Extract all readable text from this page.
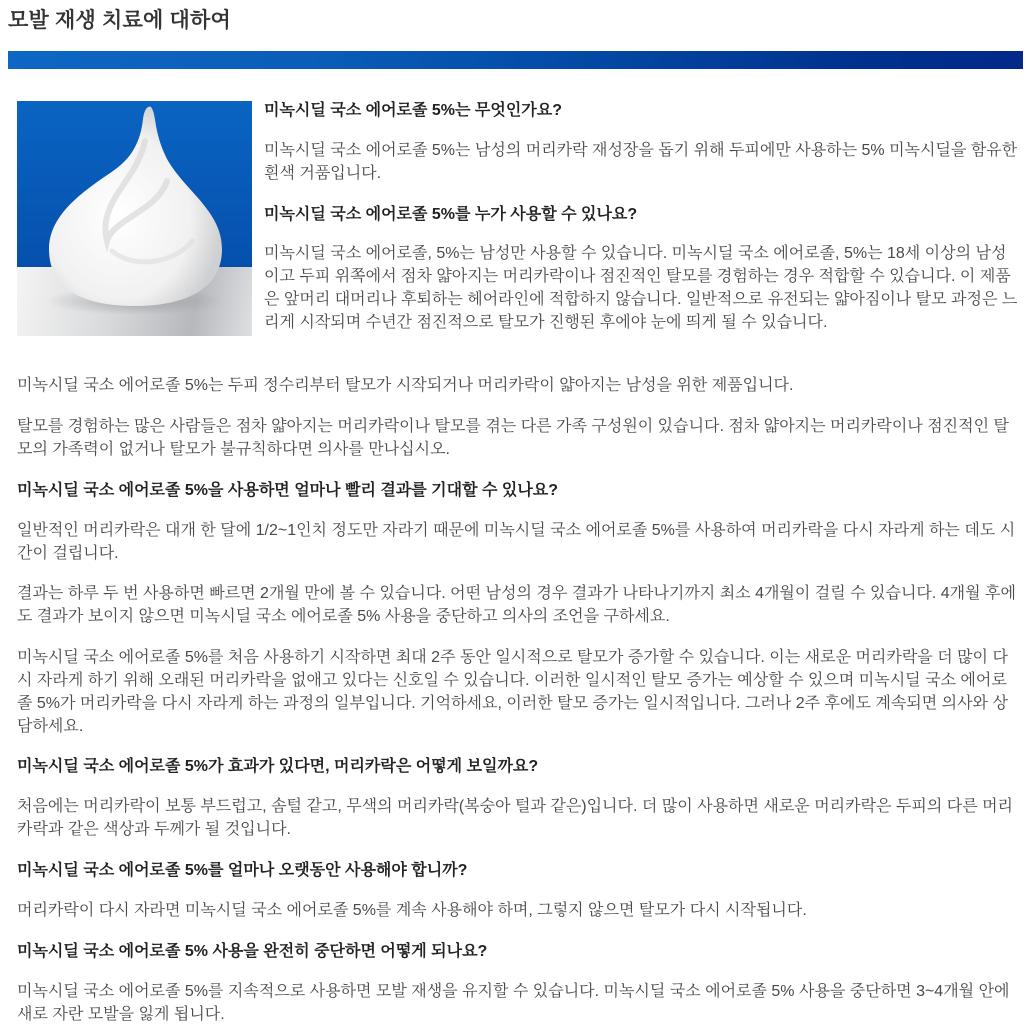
모발 재생 치료에 대하여
미녹시딜 국소 에어로졸 5%는 무엇인가요?

미녹시딜 국소 에어로졸 5%는 남성의 머리카락 재성장을 돕기 위해 두피에만 사용하는 5% 미녹시딜을 함유한 흰색 거품입니다.

미녹시딜 국소 에어로졸 5%를 누가 사용할 수 있나요?

미녹시딜 국소 에어로졸, 5%는 남성만 사용할 수 있습니다. 미녹시딜 국소 에어로졸, 5%는 18세 이상의 남성이고 두피 위쪽에서 점차 얇아지는 머리카락이나 점진적인 탈모를 경험하는 경우 적합할 수 있습니다. 이 제품은 앞머리 대머리나 후퇴하는 헤어라인에 적합하지 않습니다. 일반적으로 유전되는 얇아짐이나 탈모 과정은 느리게 시작되며 수년간 점진적으로 탈모가 진행된 후에야 눈에 띄게 될 수 있습니다.

미녹시딜 국소 에어로졸 5%는 두피 정수리부터 탈모가 시작되거나 머리카락이 얇아지는 남성을 위한 제품입니다.

탈모를 경험하는 많은 사람들은 점차 얇아지는 머리카락이나 탈모를 겪는 다른 가족 구성원이 있습니다. 점차 얇아지는 머리카락이나 점진적인 탈모의 가족력이 없거나 탈모가 불규칙하다면 의사를 만나십시오.

미녹시딜 국소 에어로졸 5%을 사용하면 얼마나 빨리 결과를 기대할 수 있나요?

일반적인 머리카락은 대개 한 달에 1/2~1인치 정도만 자라기 때문에 미녹시딜 국소 에어로졸 5%를 사용하여 머리카락을 다시 자라게 하는 데도 시간이 걸립니다.

결과는 하루 두 번 사용하면 빠르면 2개월 만에 볼 수 있습니다. 어떤 남성의 경우 결과가 나타나기까지 최소 4개월이 걸릴 수 있습니다. 4개월 후에도 결과가 보이지 않으면 미녹시딜 국소 에어로졸 5% 사용을 중단하고 의사의 조언을 구하세요.

미녹시딜 국소 에어로졸 5%를 처음 사용하기 시작하면 최대 2주 동안 일시적으로 탈모가 증가할 수 있습니다. 이는 새로운 머리카락을 더 많이 다시 자라게 하기 위해 오래된 머리카락을 없애고 있다는 신호일 수 있습니다. 이러한 일시적인 탈모 증가는 예상할 수 있으며 미녹시딜 국소 에어로졸 5%가 머리카락을 다시 자라게 하는 과정의 일부입니다. 기억하세요, 이러한 탈모 증가는 일시적입니다. 그러나 2주 후에도 계속되면 의사와 상담하세요.

미녹시딜 국소 에어로졸 5%가 효과가 있다면, 머리카락은 어떻게 보일까요?

처음에는 머리카락이 보통 부드럽고, 솜털 같고, 무색의 머리카락(복숭아 털과 같은)입니다. 더 많이 사용하면 새로운 머리카락은 두피의 다른 머리카락과 같은 색상과 두께가 될 것입니다.

미녹시딜 국소 에어로졸 5%를 얼마나 오랫동안 사용해야 합니까?

머리카락이 다시 자라면 미녹시딜 국소 에어로졸 5%를 계속 사용해야 하며, 그렇지 않으면 탈모가 다시 시작됩니다.

미녹시딜 국소 에어로졸 5% 사용을 완전히 중단하면 어떻게 되나요?

미녹시딜 국소 에어로졸 5%를 지속적으로 사용하면 모발 재생을 유지할 수 있습니다. 미녹시딜 국소 에어로졸 5% 사용을 중단하면 3~4개월 안에 새로 자란 모발을 잃게 됩니다.
